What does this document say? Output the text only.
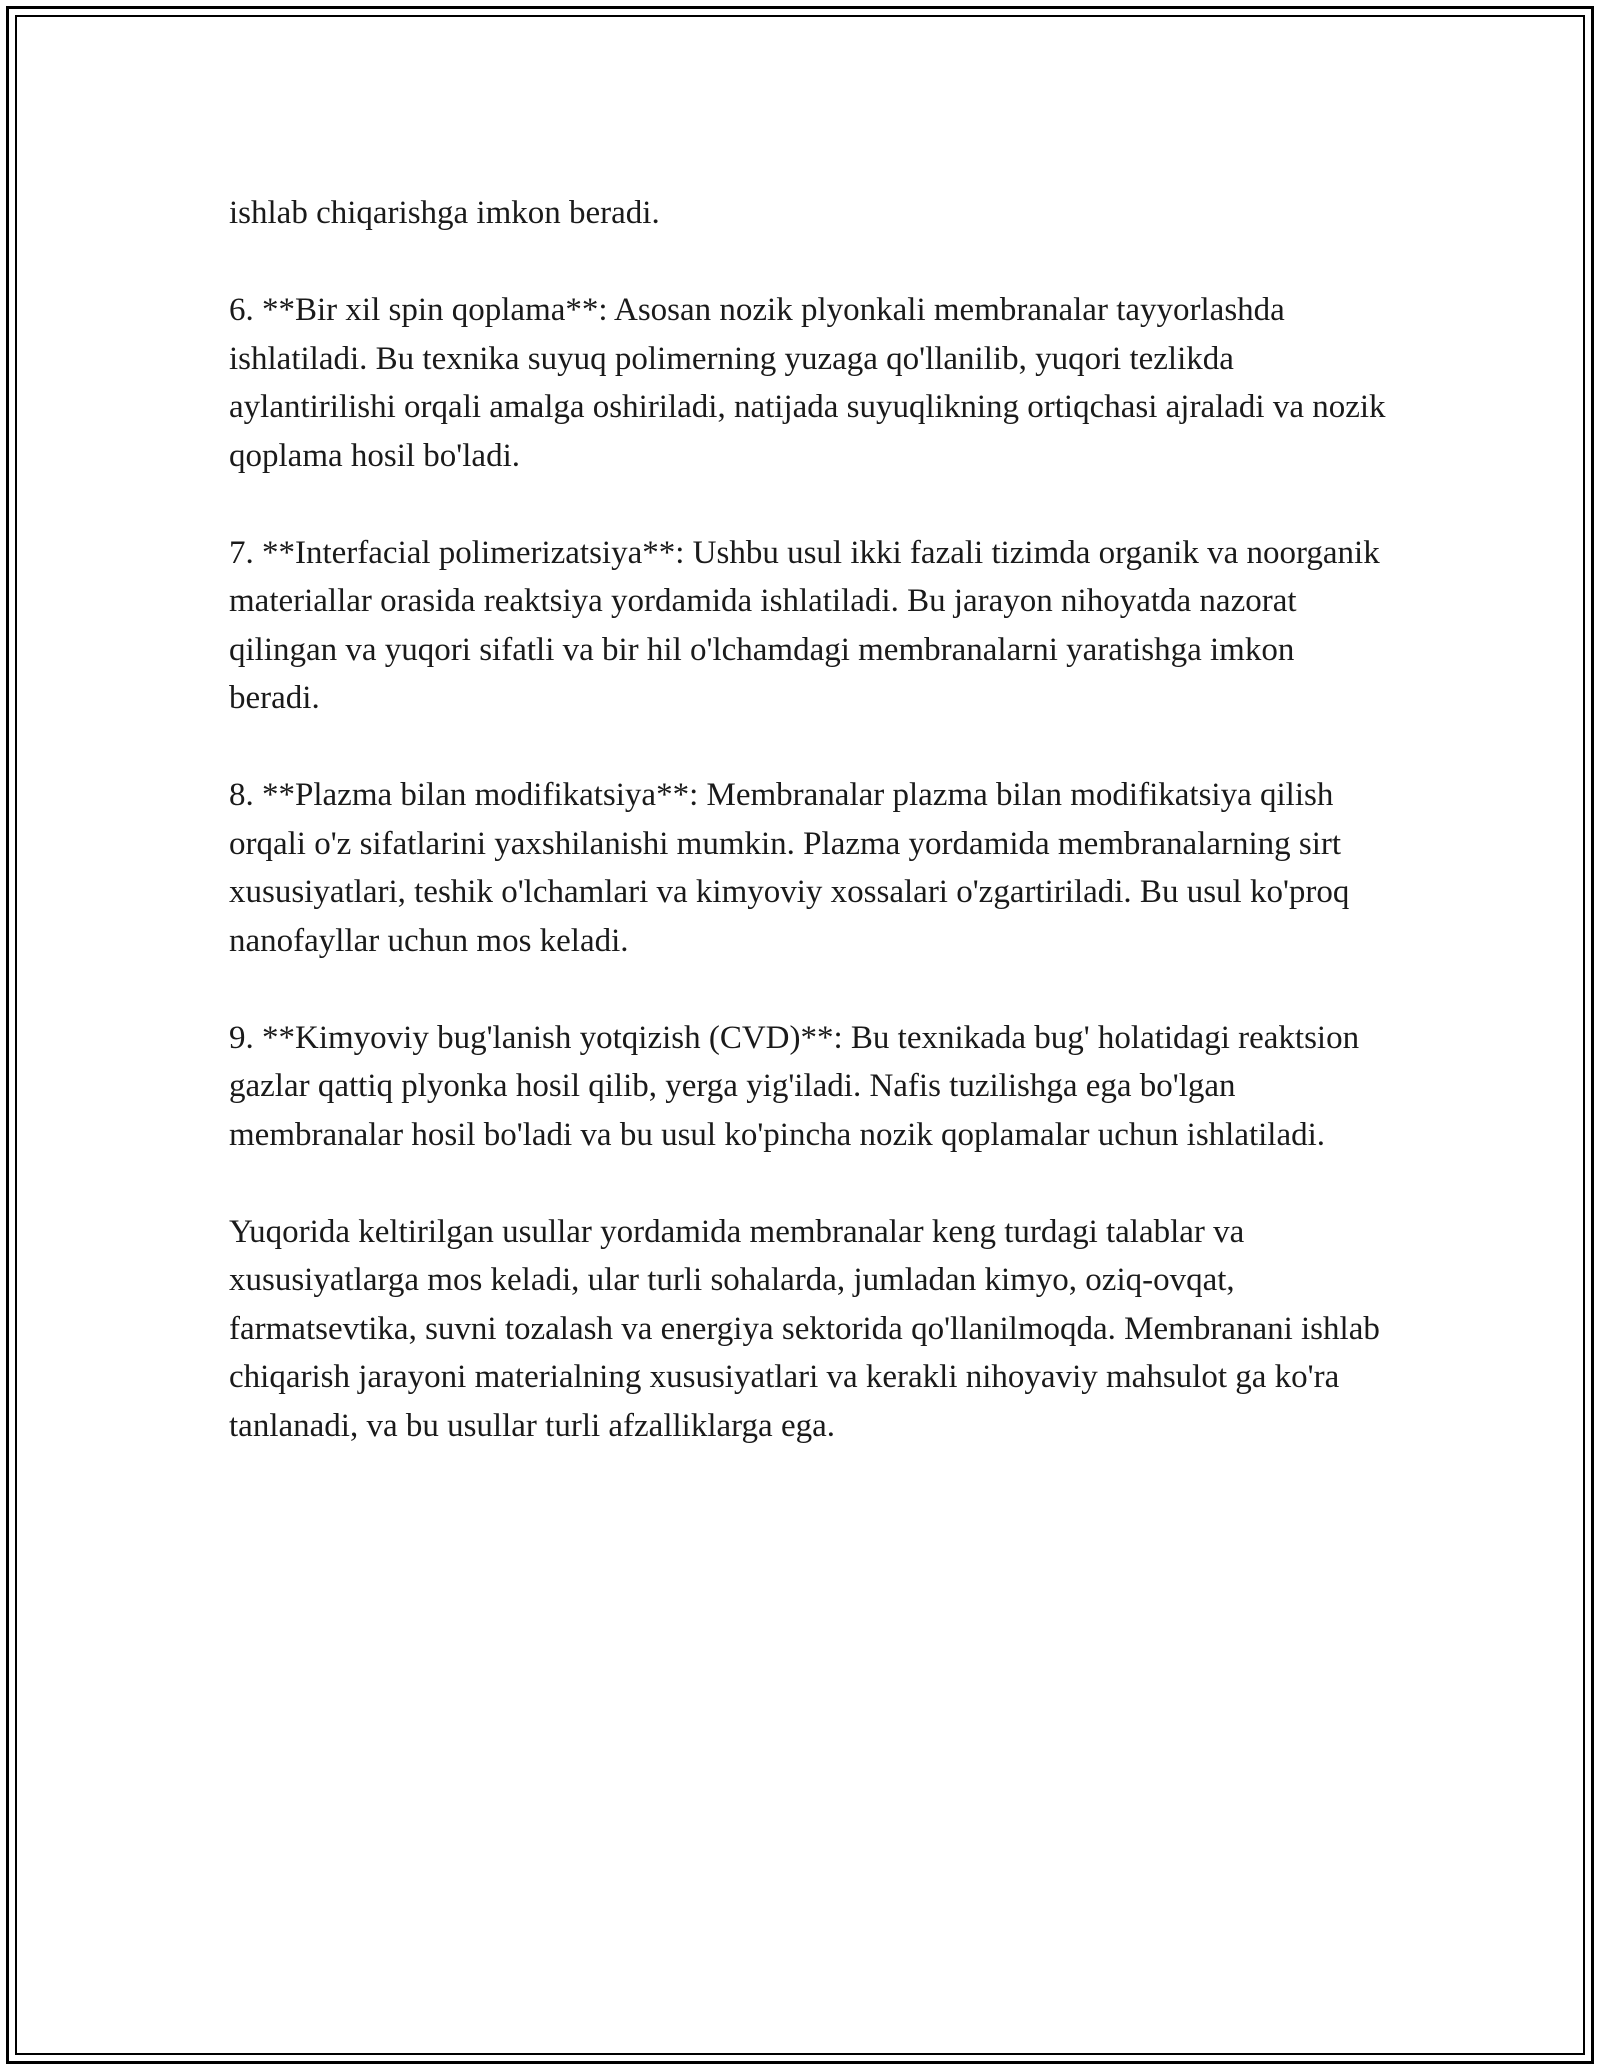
ishlab chiqarishga imkon beradi.

6. **Bir xil spin qoplama**: Asosan nozik plyonkali membranalar tayyorlashda ishlatiladi. Bu texnika suyuq polimerning yuzaga qo'llanilib, yuqori tezlikda aylantirilishi orqali amalga oshiriladi, natijada suyuqlikning ortiqchasi ajraladi va nozik qoplama hosil bo'ladi.

7. **Interfacial polimerizatsiya**: Ushbu usul ikki fazali tizimda organik va noorganik materiallar orasida reaktsiya yordamida ishlatiladi. Bu jarayon nihoyatda nazorat qilingan va yuqori sifatli va bir hil o'lchamdagi membranalarni yaratishga imkon beradi.

8. **Plazma bilan modifikatsiya**: Membranalar plazma bilan modifikatsiya qilish orqali o'z sifatlarini yaxshilanishi mumkin. Plazma yordamida membranalarning sirt xususiyatlari, teshik o'lchamlari va kimyoviy xossalari o'zgartiriladi. Bu usul ko'proq nanofayllar uchun mos keladi.

9. **Kimyoviy bug'lanish yotqizish (CVD)**: Bu texnikada bug' holatidagi reaktsion gazlar qattiq plyonka hosil qilib, yerga yig'iladi. Nafis tuzilishga ega bo'lgan membranalar hosil bo'ladi va bu usul ko'pincha nozik qoplamalar uchun ishlatiladi.

Yuqorida keltirilgan usullar yordamida membranalar keng turdagi talablar va xususiyatlarga mos keladi, ular turli sohalarda, jumladan kimyo, oziq-ovqat, farmatsevtika, suvni tozalash va energiya sektorida qo'llanilmoqda. Membranani ishlab chiqarish jarayoni materialning xususiyatlari va kerakli nihoyaviy mahsulot ga ko'ra tanlanadi, va bu usullar turli afzalliklarga ega.
